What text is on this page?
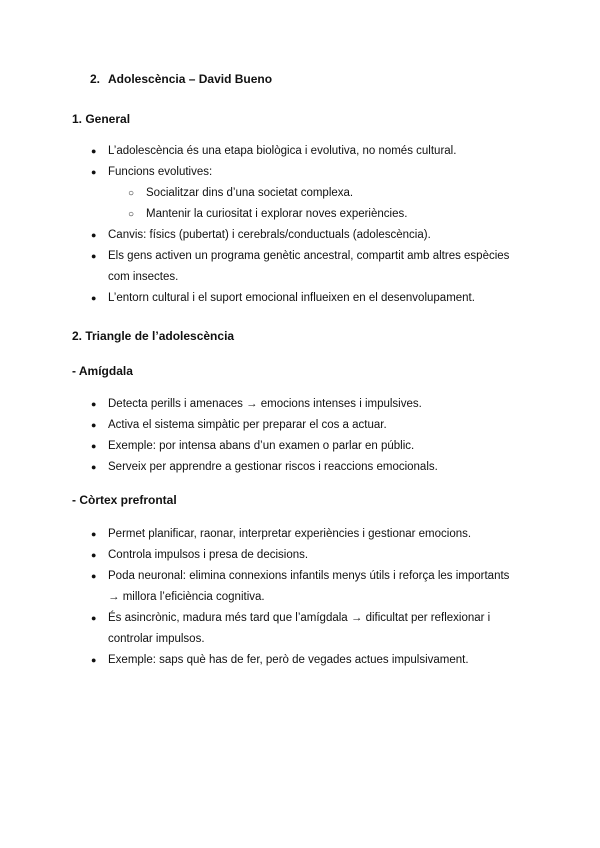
2. Adolescència – David Bueno
1. General
● L’adolescència és una etapa biològica i evolutiva, no només cultural.
● Funcions evolutives:
○ Socialitzar dins d’una societat complexa.
○ Mantenir la curiositat i explorar noves experiències.
● Canvis: físics (pubertat) i cerebrals/conductuals (adolescència).
● Els gens activen un programa genètic ancestral, compartit amb altres espècies com insectes.
● L’entorn cultural i el suport emocional influeixen en el desenvolupament.
2. Triangle de l’adolescència
- Amígdala
● Detecta perills i amenaces → emocions intenses i impulsives.
● Activa el sistema simpàtic per preparar el cos a actuar.
● Exemple: por intensa abans d’un examen o parlar en públic.
● Serveix per apprendre a gestionar riscos i reaccions emocionals.
- Còrtex prefrontal
● Permet planificar, raonar, interpretar experiències i gestionar emocions.
● Controla impulsos i presa de decisions.
● Poda neuronal: elimina connexions infantils menys útils i reforça les importants → millora l’eficiència cognitiva.
● És asincrònic, madura més tard que l’amígdala → dificultat per reflexionar i controlar impulsos.
● Exemple: saps què has de fer, però de vegades actues impulsivament.
